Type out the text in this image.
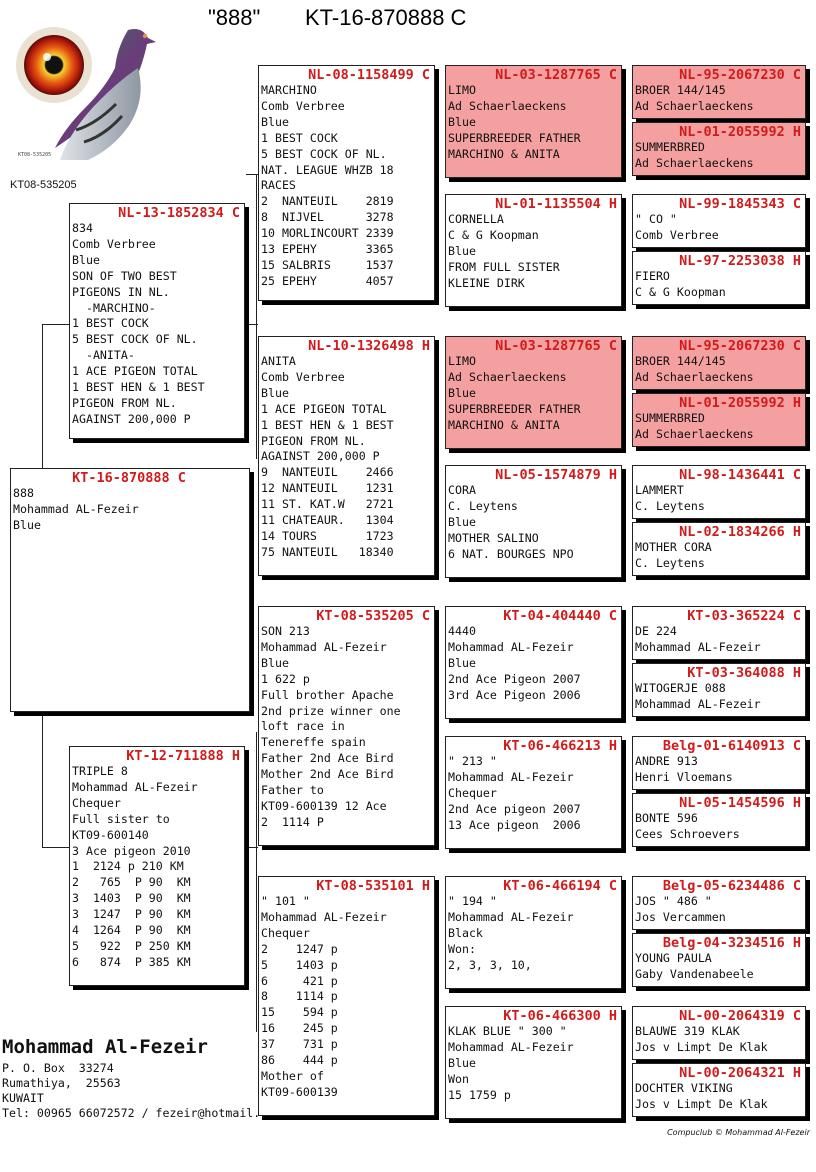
"888" KT-16-870888 C
KT08-535205
KT08-535205
KT-16-870888 C
888
Mohammad AL-Fezeir
Blue
NL-13-1852834 C
834
Comb Verbree
Blue
SON OF TWO BEST
PIGEONS IN NL.
-MARCHINO-
1 BEST COCK
5 BEST COCK OF NL.
-ANITA-
1 ACE PIGEON TOTAL
1 BEST HEN & 1 BEST
PIGEON FROM NL.
AGAINST 200,000 P
KT-12-711888 H
TRIPLE 8
Mohammad AL-Fezeir
Chequer
Full sister to
KT09-600140
3 Ace pigeon 2010
1  2124 p 210 KM
2   765  P 90  KM
3  1403  P 90  KM
3  1247  P 90  KM
4  1264  P 90  KM
5   922  P 250 KM
6   874  P 385 KM
NL-08-1158499 C
MARCHINO
Comb Verbree
Blue
1 BEST COCK
5 BEST COCK OF NL.
NAT. LEAGUE WHZB 18
RACES
2  NANTEUIL    2819
8  NIJVEL      3278
10 MORLINCOURT 2339
13 EPEHY       3365
15 SALBRIS     1537
25 EPEHY       4057
NL-10-1326498 H
ANITA
Comb Verbree
Blue
1 ACE PIGEON TOTAL
1 BEST HEN & 1 BEST
PIGEON FROM NL.
AGAINST 200,000 P
9  NANTEUIL    2466
12 NANTEUIL    1231
11 ST. KAT.W   2721
11 CHATEAUR.   1304
14 TOURS       1723
75 NANTEUIL   18340
KT-08-535205 C
SON 213
Mohammad AL-Fezeir
Blue
1 622 p
Full brother Apache
2nd prize winner one
loft race in
Tenereffe spain
Father 2nd Ace Bird
Mother 2nd Ace Bird
Father to
KT09-600139 12 Ace
2  1114 P
KT-08-535101 H
" 101 "
Mohammad AL-Fezeir
Chequer
2    1247 p
5    1403 p
6     421 p
8    1114 p
15    594 p
16    245 p
37    731 p
86    444 p
Mother of
KT09-600139
NL-03-1287765 C
LIMO
Ad Schaerlaeckens
Blue
SUPERBREEDER FATHER
MARCHINO & ANITA
NL-01-1135504 H
CORNELLA
C & G Koopman
Blue
FROM FULL SISTER
KLEINE DIRK
NL-03-1287765 C
LIMO
Ad Schaerlaeckens
Blue
SUPERBREEDER FATHER
MARCHINO & ANITA
NL-05-1574879 H
CORA
C. Leytens
Blue
MOTHER SALINO
6 NAT. BOURGES NPO
KT-04-404440 C
4440
Mohammad AL-Fezeir
Blue
2nd Ace Pigeon 2007
3rd Ace Pigeon 2006
KT-06-466213 H
" 213 "
Mohammad AL-Fezeir
Chequer
2nd Ace pigeon 2007
13 Ace pigeon  2006
KT-06-466194 C
" 194 "
Mohammad AL-Fezeir
Black
Won:
2, 3, 3, 10,
KT-06-466300 H
KLAK BLUE " 300 "
Mohammad AL-Fezeir
Blue
Won
15 1759 p
NL-95-2067230 C
BROER 144/145
Ad Schaerlaeckens
NL-01-2055992 H
SUMMERBRED
Ad Schaerlaeckens
NL-99-1845343 C
" CO "
Comb Verbree
NL-97-2253038 H
FIERO
C & G Koopman
NL-95-2067230 C
BROER 144/145
Ad Schaerlaeckens
NL-01-2055992 H
SUMMERBRED
Ad Schaerlaeckens
NL-98-1436441 C
LAMMERT
C. Leytens
NL-02-1834266 H
MOTHER CORA
C. Leytens
KT-03-365224 C
DE 224
Mohammad AL-Fezeir
KT-03-364088 H
WITOGERJE 088
Mohammad AL-Fezeir
Belg-01-6140913 C
ANDRE 913
Henri Vloemans
NL-05-1454596 H
BONTE 596
Cees Schroevers
Belg-05-6234486 C
JOS " 486 "
Jos Vercammen
Belg-04-3234516 H
YOUNG PAULA
Gaby Vandenabeele
NL-00-2064319 C
BLAUWE 319 KLAK
Jos v Limpt De Klak
NL-00-2064321 H
DOCHTER VIKING
Jos v Limpt De Klak
Mohammad Al-Fezeir
P. O. Box  33274
Rumathiya,  25563
KUWAIT
Tel: 00965 66072572 / fezeir@hotmail.
Compuclub © Mohammad Al-Fezeir
